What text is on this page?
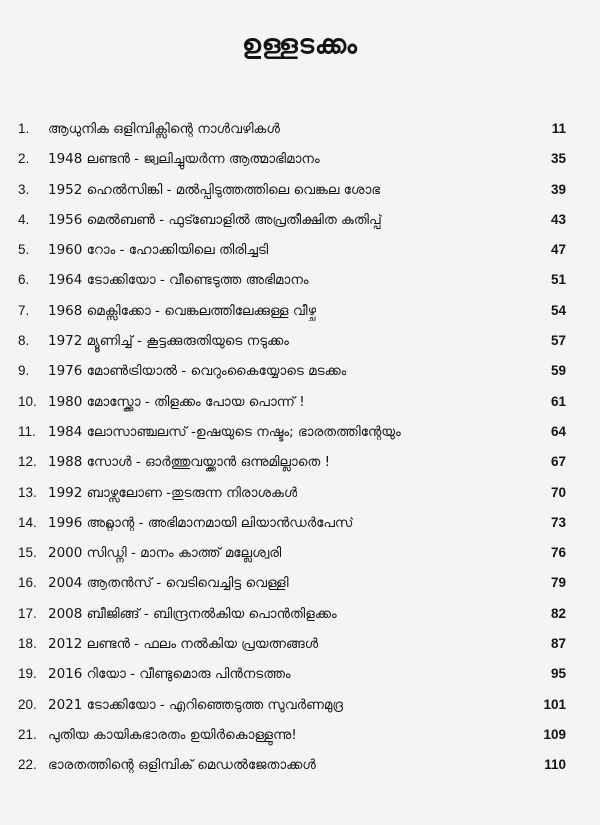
ഉള്ളടക്കം
1. ആധുനിക ഒളിമ്പിക്സിന്റെ നാൾവഴികൾ	11
2. 1948 ലണ്ടൻ - ജ്വലിച്ചുയർന്ന ആത്മാഭിമാനം	35
3. 1952 ഹെൽസിങ്കി - മൽപ്പിടുത്തത്തിലെ വെങ്കല ശോഭ	39
4. 1956 മെൽബൺ - ഫുട്ബോളിൽ അപ്രതീക്ഷിത കുതിപ്പ്	43
5. 1960 റോം - ഹോക്കിയിലെ തിരിച്ചടി	47
6. 1964 ടോക്കിയോ - വീണ്ടെടുത്ത അഭിമാനം	51
7. 1968 മെക്സിക്കോ - വെങ്കലത്തിലേക്കുള്ള വീഴ്ച	54
8. 1972 മ്യൂണിച്ച് - കൂട്ടക്കുരുതിയുടെ നടുക്കം	57
9. 1976 മോൺട്രിയാൽ - വെറുംകൈയ്യോടെ മടക്കം	59
10. 1980 മോസ്ക്കോ - തിളക്കം പോയ പൊന്ന് !	61
11. 1984 ലോസാഞ്ചലസ് -ഉഷയുടെ നഷ്ടം; ഭാരതത്തിന്റേയും	64
12. 1988 സോൾ - ഓർത്തുവയ്ക്കാൻ ഒന്നുമില്ലാതെ !	67
13. 1992 ബാഴ്സലോണ -തുടരുന്ന നിരാശകൾ	70
14. 1996 അറ്റ്ലാന്റ - അഭിമാനമായി ലിയാൻഡർപേസ്	73
15. 2000 സിഡ്നി - മാനം കാത്ത് മല്ലേശ്വരി	76
16. 2004 ആതൻസ് - വെടിവെച്ചിട്ട വെള്ളി	79
17. 2008 ബീജിങ്ങ് - ബിന്ദ്രനൽകിയ പൊൻതിളക്കം	82
18. 2012 ലണ്ടൻ - ഫലം നൽകിയ പ്രയത്നങ്ങൾ	87
19. 2016 റിയോ - വീണ്ടുമൊരു പിൻനടത്തം	95
20. 2021 ടോക്കിയോ - എറിഞ്ഞെടുത്ത സുവർണമുദ്ര	101
21. പുതിയ കായികഭാരതം ഉയിർകൊള്ളുന്നു!	109
22. ഭാരതത്തിന്റെ ഒളിമ്പിക് മെഡൽജേതാക്കൾ	110
